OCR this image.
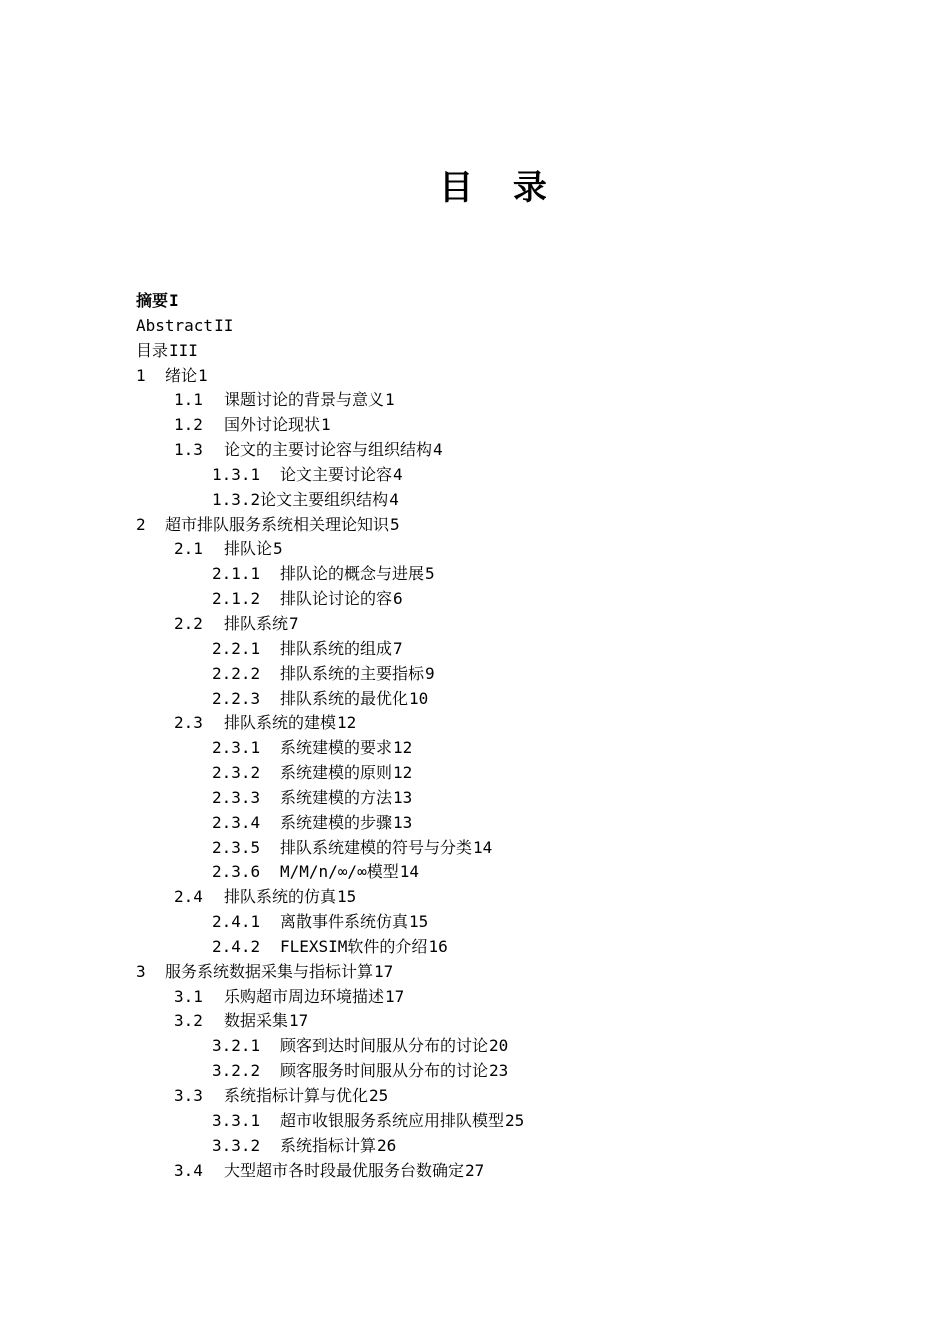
目 录
摘要I
AbstractII
目录III
1 绪论1
1.1 课题讨论的背景与意义1
1.2 国外讨论现状1
1.3 论文的主要讨论容与组织结构4
1.3.1 论文主要讨论容4
1.3.2论文主要组织结构4
2 超市排队服务系统相关理论知识5
2.1 排队论5
2.1.1 排队论的概念与进展5
2.1.2 排队论讨论的容6
2.2 排队系统7
2.2.1 排队系统的组成7
2.2.2 排队系统的主要指标9
2.2.3 排队系统的最优化10
2.3 排队系统的建模12
2.3.1 系统建模的要求12
2.3.2 系统建模的原则12
2.3.3 系统建模的方法13
2.3.4 系统建模的步骤13
2.3.5 排队系统建模的符号与分类14
2.3.6 M/M/n/∞/∞模型14
2.4 排队系统的仿真15
2.4.1 离散事件系统仿真15
2.4.2 FLEXSIM软件的介绍16
3 服务系统数据采集与指标计算17
3.1 乐购超市周边环境描述17
3.2 数据采集17
3.2.1 顾客到达时间服从分布的讨论20
3.2.2 顾客服务时间服从分布的讨论23
3.3 系统指标计算与优化25
3.3.1 超市收银服务系统应用排队模型25
3.3.2 系统指标计算26
3.4 大型超市各时段最优服务台数确定27
